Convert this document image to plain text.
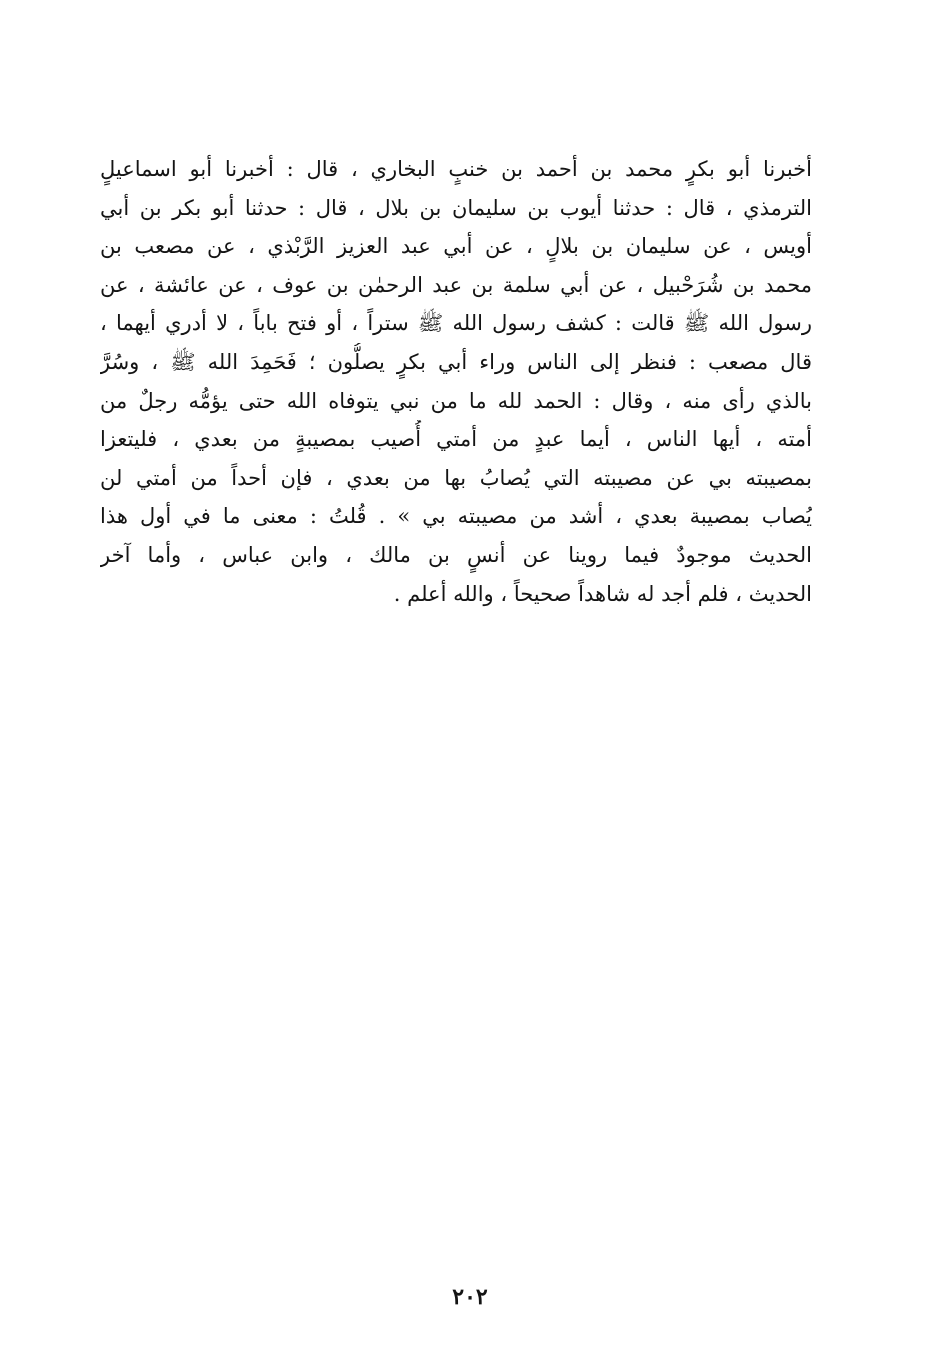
أخبرنا أبو بكرٍ محمد بن أحمد بن خنبٍ البخاري ، قال : أخبرنا أبو اسماعيلٍ
الترمذي ، قال : حدثنا أيوب بن سليمان بن بلال ، قال : حدثنا أبو بكر بن أبي
أويس ، عن سليمان بن بلالٍ ، عن أبي عبد العزيز الرَّبْذي ، عن مصعب بن
محمد بن شُرَحْبيل ، عن أبي سلمة بن عبد الرحمٰن بن عوف ، عن عائشة ، عن
رسول الله ﷺ قالت : كشف رسول الله ﷺ ستراً ، أو فتح باباً ، لا أدري أيهما ،
قال مصعب : فنظر إلى الناس وراء أبي بكرٍ يصلُّون ؛ فَحَمِدَ الله ﷺ ، وسُرَّ
بالذي رأى منه ، وقال : الحمد لله ما من نبي يتوفاه الله حتى يؤمُّه رجلٌ من
أمته ، أيها الناس ، أيما عبدٍ من أمتي أُصيب بمصيبةٍ من بعدي ، فليتعزا
بمصيبته بي عن مصيبته التي يُصابُ بها من بعدي ، فإن أحداً من أمتي لن
يُصاب بمصيبة بعدي ، أشد من مصيبته بي » . قُلتُ : معنى ما في أول هذا
الحديث موجودٌ فيما روينا عن أنسٍ بن مالك ، وابن عباس ، وأما آخر
الحديث ، فلم أجد له شاهداً صحيحاً ، والله أعلم .
٢٠٢
